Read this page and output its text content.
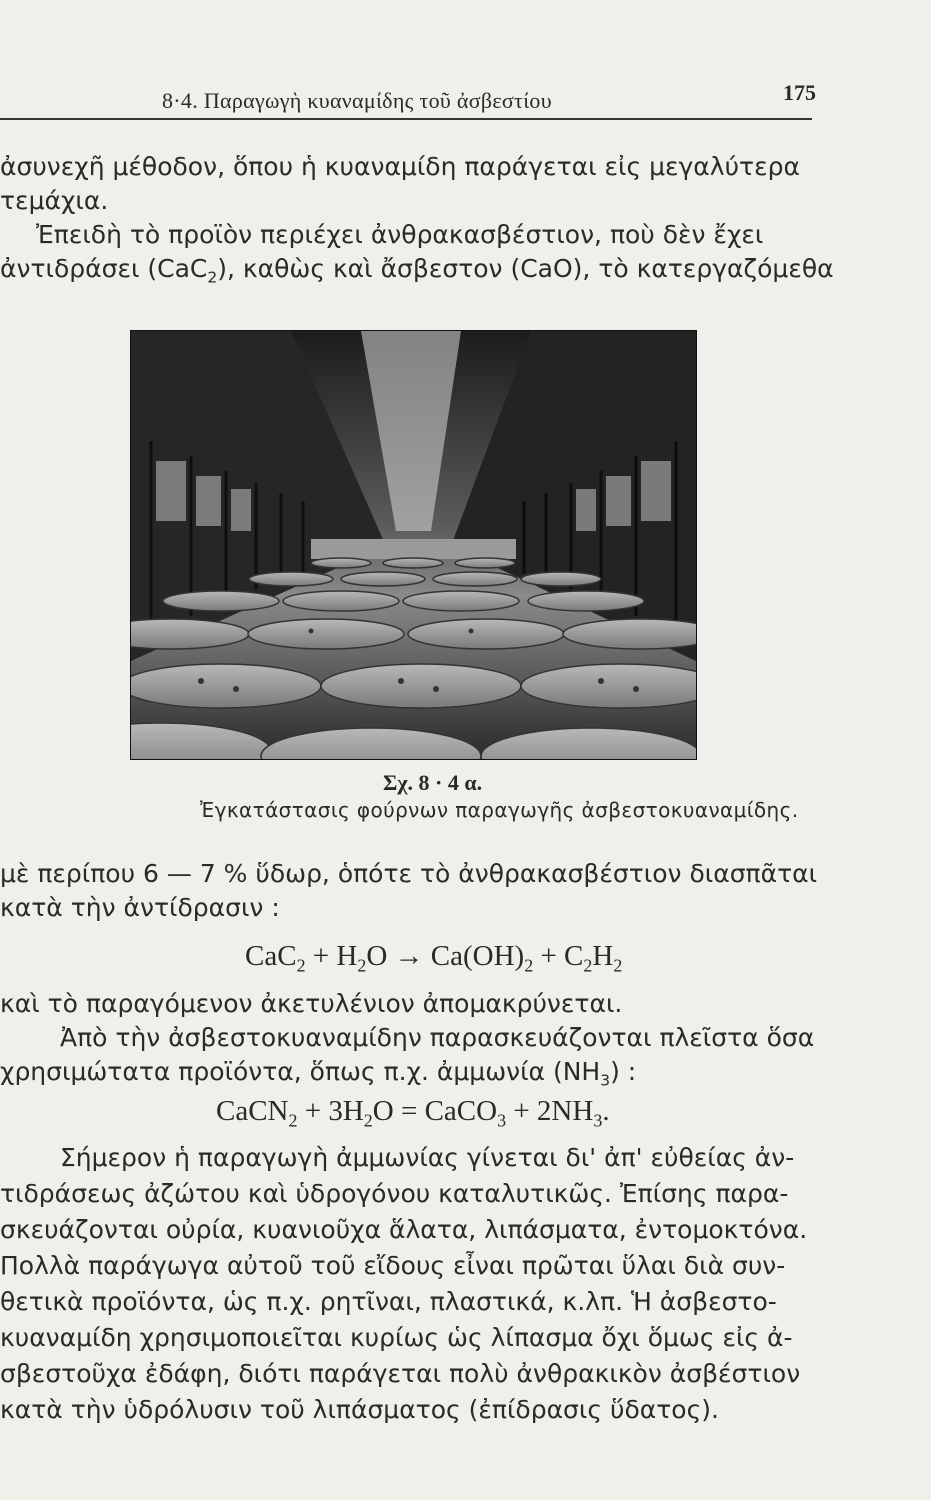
8·4. Παραγωγὴ κυαναμίδης τοῦ ἀσβεστίου	175
ἀσυνεχῆ μέθοδον, ὅπου ἡ κυαναμίδη παράγεται εἰς μεγαλύτερα
τεμάχια.
Ἐπειδὴ τὸ προϊὸν περιέχει ἀνθρακασβέστιον, ποὺ δὲν ἔχει
ἀντιδράσει (CaC$_2$), καθὼς καὶ ἄσβεστον (CaO), τὸ κατεργαζόμεθα
Σχ. 8 · 4 α.
Ἐγκατάστασις φούρνων παραγωγῆς ἀσβεστοκυαναμίδης.
μὲ περίπου 6 — 7 % ὕδωρ, ὁπότε τὸ ἀνθρακασβέστιον διασπᾶται
κατὰ τὴν ἀντίδρασιν :
$CaC_2 + H_2O \to Ca(OH)_2 + C_2H_2$
καὶ τὸ παραγόμενον ἀκετυλένιον ἀπομακρύνεται.
Ἀπὸ τὴν ἀσβεστοκυαναμίδην παρασκευάζονται πλεῖστα ὅσα
χρησιμώτατα προϊόντα, ὅπως π.χ. ἀμμωνία $(NH_3)$ :
CaCN$_2$ + $3H_2O$ = CaCO$_3$ + $2NH_3$.
Σήμερον ἡ παραγωγὴ ἀμμωνίας γίνεται δι' ἀπ' εὐθείας ἀν-
τιδράσεως ἀζώτου καὶ ὑδρογόνου καταλυτικῶς. Ἐπίσης παρα-
σκευάζονται οὐρία, κυανιοῦχα ἅλατα, λιπάσματα, ἐντομοκτόνα.
Πολλὰ παράγωγα αὐτοῦ τοῦ εἴδους εἶναι πρῶται ὕλαι διὰ συν-
θετικὰ προϊόντα, ὡς π.χ. ρητῖναι, πλαστικά, κ.λπ. Ἡ ἀσβεστο-
κυαναμίδη χρησιμοποιεῖται κυρίως ὡς λίπασμα ὄχι ὅμως εἰς ἀ-
σβεστοῦχα ἐδάφη, διότι παράγεται πολὺ ἀνθρακικὸν ἀσβέστιον
κατὰ τὴν ὑδρόλυσιν τοῦ λιπάσματος (ἐπίδρασις ὕδατος).
